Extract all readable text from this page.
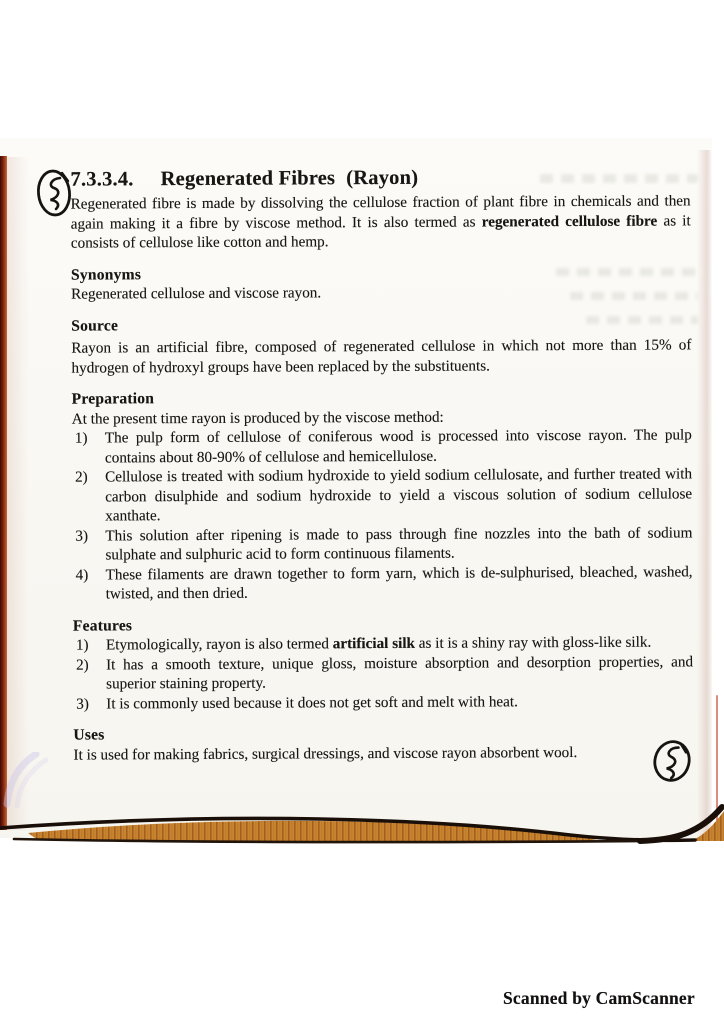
7.3.3.4. Regenerated Fibres (Rayon)
Regenerated fibre is made by dissolving the cellulose fraction of plant fibre in chemicals and then again making it a fibre by viscose method. It is also termed as regenerated cellulose fibre as it consists of cellulose like cotton and hemp.
Synonyms
Regenerated cellulose and viscose rayon.
Source
Rayon is an artificial fibre, composed of regenerated cellulose in which not more than 15% of hydrogen of hydroxyl groups have been replaced by the substituents.
Preparation
At the present time rayon is produced by the viscose method:
1)	The pulp form of cellulose of coniferous wood is processed into viscose rayon. The pulp contains about 80-90% of cellulose and hemicellulose.
2)	Cellulose is treated with sodium hydroxide to yield sodium cellulosate, and further treated with carbon disulphide and sodium hydroxide to yield a viscous solution of sodium cellulose xanthate.
3)	This solution after ripening is made to pass through fine nozzles into the bath of sodium sulphate and sulphuric acid to form continuous filaments.
4)	These filaments are drawn together to form yarn, which is de-sulphurised, bleached, washed, twisted, and then dried.
Features
1)	Etymologically, rayon is also termed artificial silk as it is a shiny ray with gloss-like silk.
2)	It has a smooth texture, unique gloss, moisture absorption and desorption properties, and superior staining property.
3)	It is commonly used because it does not get soft and melt with heat.
Uses
It is used for making fabrics, surgical dressings, and viscose rayon absorbent wool.
Scanned by CamScanner
